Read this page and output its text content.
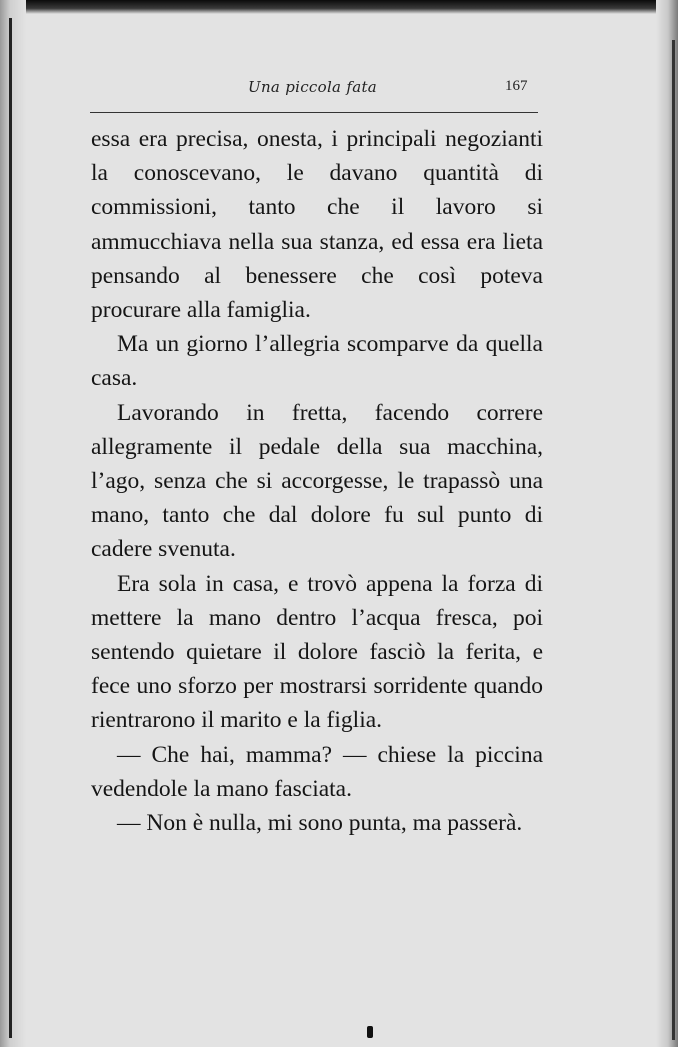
Una piccola fata	167

essa era precisa, onesta, i principali negozianti la conoscevano, le davano quantità di commissioni, tanto che il lavoro si ammucchiava nella sua stanza, ed essa era lieta pensando al benessere che così poteva procurare alla famiglia.

Ma un giorno l’allegria scomparve da quella casa.

Lavorando in fretta, facendo correre allegramente il pedale della sua macchina, l’ago, senza che si accorgesse, le trapassò una mano, tanto che dal dolore fu sul punto di cadere svenuta.

Era sola in casa, e trovò appena la forza di mettere la mano dentro l’acqua fresca, poi sentendo quietare il dolore fasciò la ferita, e fece uno sforzo per mostrarsi sorridente quando rientrarono il marito e la figlia.

— Che hai, mamma? — chiese la piccina vedendole la mano fasciata.

— Non è nulla, mi sono punta, ma passerà.
